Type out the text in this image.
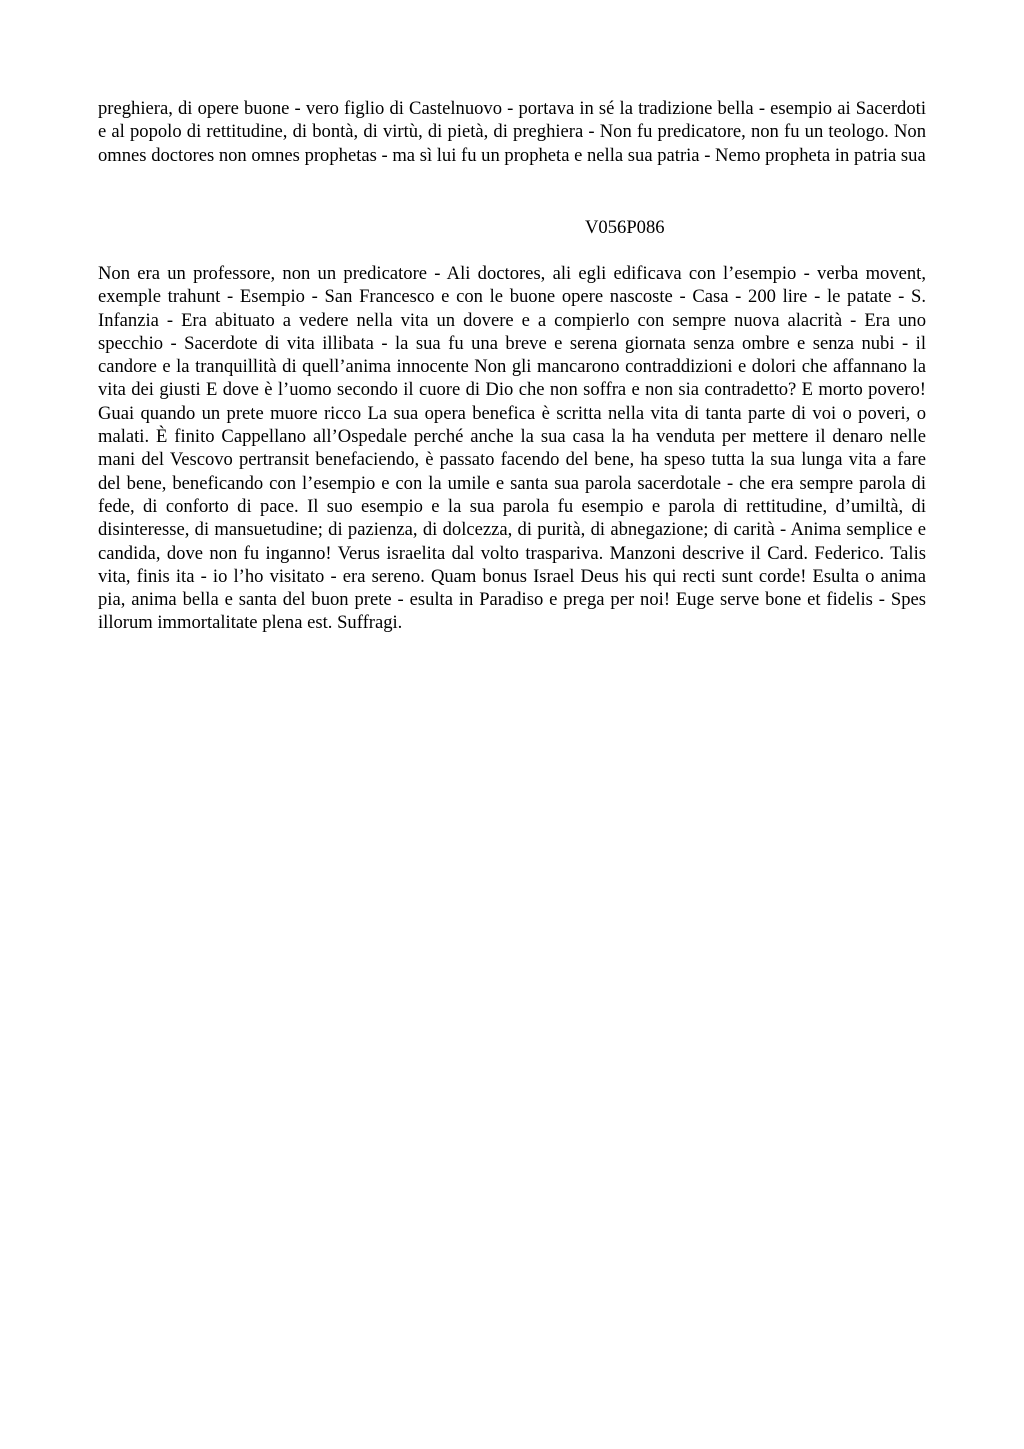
preghiera, di opere buone - vero figlio di Castelnuovo - portava in sé la tradizione bella - esempio ai Sacerdoti e al popolo di rettitudine, di bontà, di virtù, di pietà, di preghiera - Non fu predicatore, non fu un teologo. Non omnes doctores non omnes prophetas - ma sì lui fu un propheta e nella sua patria - Nemo propheta in patria sua

V056P086

Non era un professore, non un predicatore - Ali doctores, ali egli edificava con l’esempio - verba movent, exemple trahunt - Esempio - San Francesco e con le buone opere nascoste - Casa - 200 lire - le patate - S. Infanzia - Era abituato a vedere nella vita un dovere e a compierlo con sempre nuova alacrità - Era uno specchio - Sacerdote di vita illibata - la sua fu una breve e serena giornata senza ombre e senza nubi - il candore e la tranquillità di quell’anima innocente Non gli mancarono contraddizioni e dolori che affannano la vita dei giusti E dove è l’uomo secondo il cuore di Dio che non soffra e non sia contradetto? E morto povero! Guai quando un prete muore ricco La sua opera benefica è scritta nella vita di tanta parte di voi o poveri, o malati. È finito Cappellano all’Ospedale perché anche la sua casa la ha venduta per mettere il denaro nelle mani del Vescovo pertransit benefaciendo, è passato facendo del bene, ha speso tutta la sua lunga vita a fare del bene, beneficando con l’esempio e con la umile e santa sua parola sacerdotale - che era sempre parola di fede, di conforto di pace. Il suo esempio e la sua parola fu esempio e parola di rettitudine, d’umiltà, di disinteresse, di mansuetudine; di pazienza, di dolcezza, di purità, di abnegazione; di carità - Anima semplice e candida, dove non fu inganno! Verus israelita dal volto traspariva. Manzoni descrive il Card. Federico. Talis vita, finis ita - io l’ho visitato - era sereno. Quam bonus Israel Deus his qui recti sunt corde! Esulta o anima pia, anima bella e santa del buon prete - esulta in Paradiso e prega per noi! Euge serve bone et fidelis - Spes illorum immortalitate plena est. Suffragi.
